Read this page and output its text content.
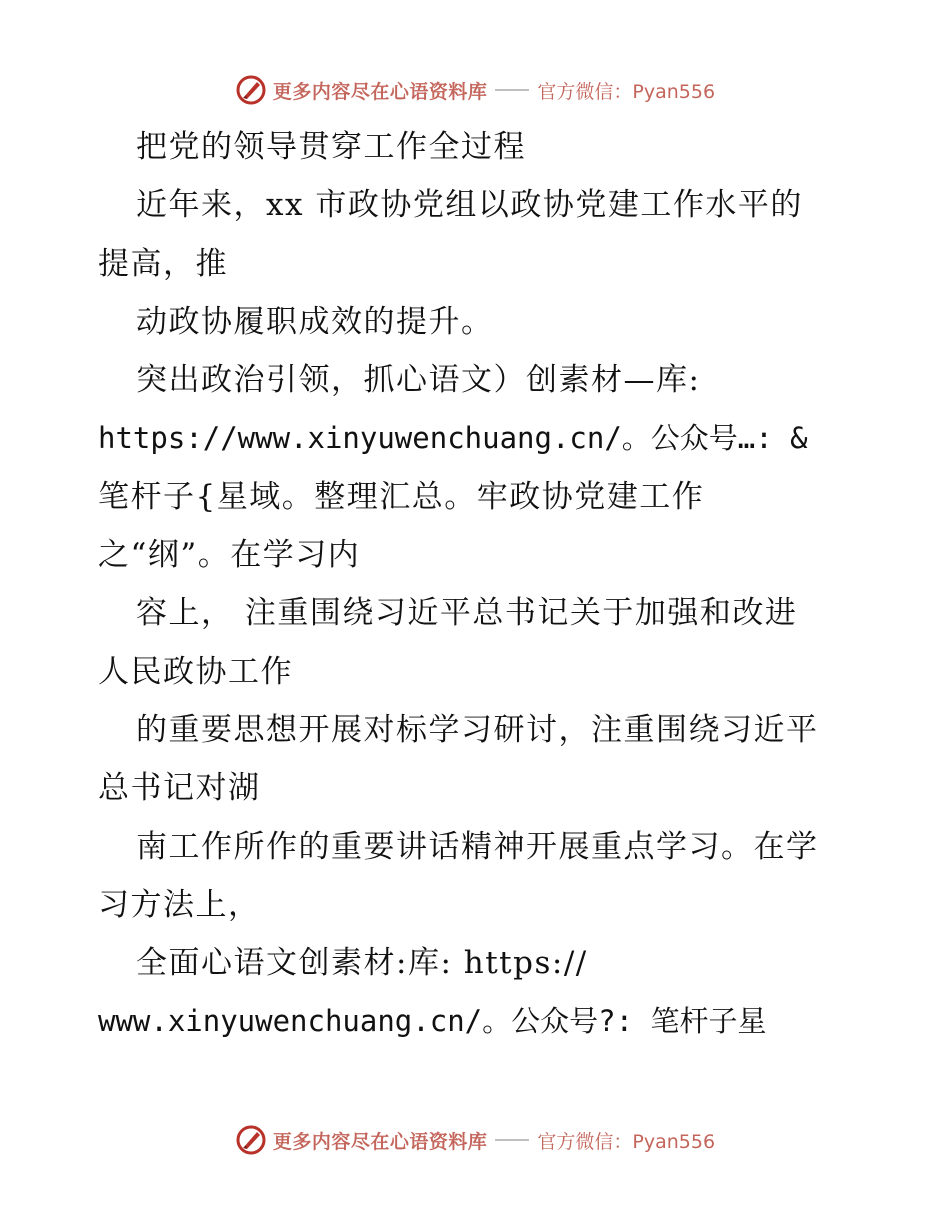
更多内容尽在心语资料库	官方微信：Pyan556
把党的领导贯穿工作全过程
近年来，xx 市政协党组以政协党建工作水平的
提高，推
动政协履职成效的提升。
突出政治引领，抓心语文）创素材—库:
https://www.xinyuwenchuang.cn/。公众号…: &
笔杆子{星域。整理汇总。牢政协党建工作
之“纲”。在学习内
容上， 注重围绕习近平总书记关于加强和改进
人民政协工作
的重要思想开展对标学习研讨，注重围绕习近平
总书记对湖
南工作所作的重要讲话精神开展重点学习。在学
习方法上，
全面心语文创素材:库: https://
www.xinyuwenchuang.cn/。公众号?: 笔杆子星
更多内容尽在心语资料库	官方微信：Pyan556
